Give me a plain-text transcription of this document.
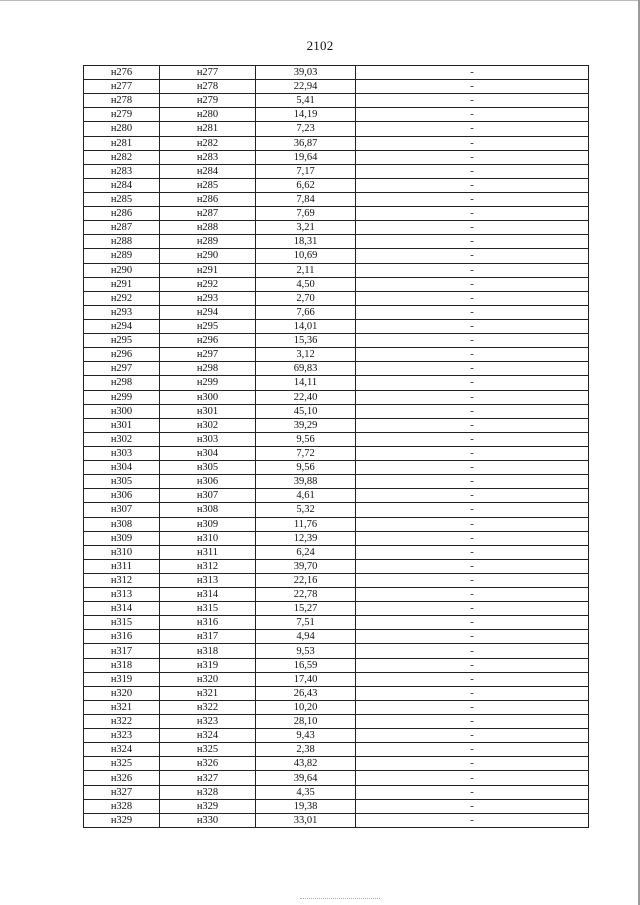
2102
н276	н277	39,03	-
н277	н278	22,94	-
н278	н279	5,41	-
н279	н280	14,19	-
н280	н281	7,23	-
н281	н282	36,87	-
н282	н283	19,64	-
н283	н284	7,17	-
н284	н285	6,62	-
н285	н286	7,84	-
н286	н287	7,69	-
н287	н288	3,21	-
н288	н289	18,31	-
н289	н290	10,69	-
н290	н291	2,11	-
н291	н292	4,50	-
н292	н293	2,70	-
н293	н294	7,66	-
н294	н295	14,01	-
н295	н296	15,36	-
н296	н297	3,12	-
н297	н298	69,83	-
н298	н299	14,11	-
н299	н300	22,40	-
н300	н301	45,10	-
н301	н302	39,29	-
н302	н303	9,56	-
н303	н304	7,72	-
н304	н305	9,56	-
н305	н306	39,88	-
н306	н307	4,61	-
н307	н308	5,32	-
н308	н309	11,76	-
н309	н310	12,39	-
н310	н311	6,24	-
н311	н312	39,70	-
н312	н313	22,16	-
н313	н314	22,78	-
н314	н315	15,27	-
н315	н316	7,51	-
н316	н317	4,94	-
н317	н318	9,53	-
н318	н319	16,59	-
н319	н320	17,40	-
н320	н321	26,43	-
н321	н322	10,20	-
н322	н323	28,10	-
н323	н324	9,43	-
н324	н325	2,38	-
н325	н326	43,82	-
н326	н327	39,64	-
н327	н328	4,35	-
н328	н329	19,38	-
н329	н330	33,01	-
